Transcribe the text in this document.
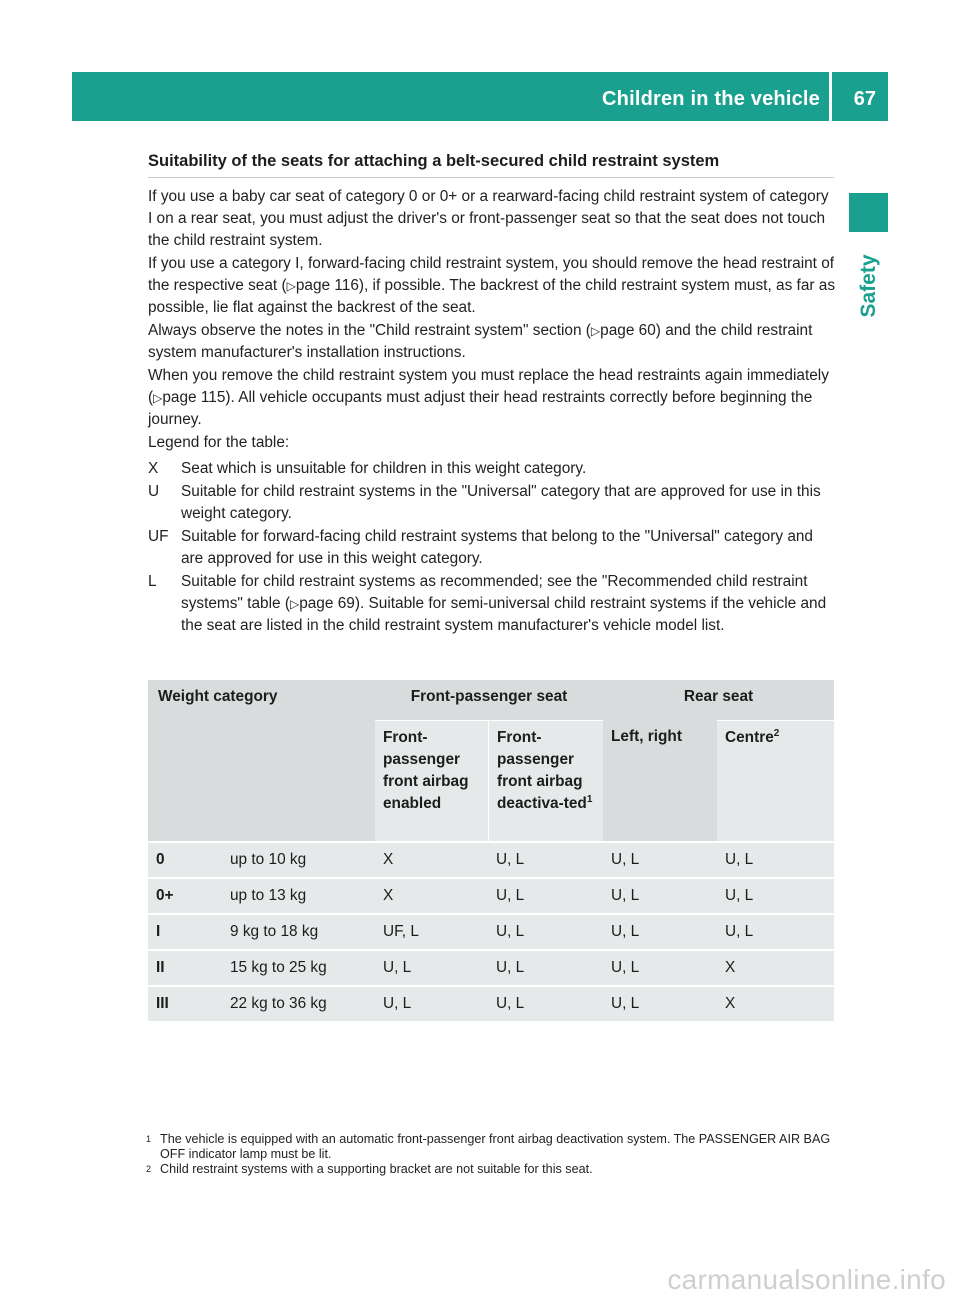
Children in the vehicle 67
Safety
Suitability of the seats for attaching a belt-secured child restraint system

If you use a baby car seat of category 0 or 0+ or a rearward-facing child restraint system of category I on a rear seat, you must adjust the driver's or front-passenger seat so that the seat does not touch the child restraint system.

If you use a category I, forward-facing child restraint system, you should remove the head restraint of the respective seat (▷page 116), if possible. The backrest of the child restraint system must, as far as possible, lie flat against the backrest of the seat.

Always observe the notes in the "Child restraint system" section (▷page 60) and the child restraint system manufacturer's installation instructions.

When you remove the child restraint system you must replace the head restraints again immediately (▷page 115). All vehicle occupants must adjust their head restraints correctly before beginning the journey.

Legend for the table:

X	Seat which is unsuitable for children in this weight category.
U	Suitable for child restraint systems in the "Universal" category that are approved for use in this weight category.
UF Suitable for forward-facing child restraint systems that belong to the "Universal" category and are approved for use in this weight category.
L	Suitable for child restraint systems as recommended; see the "Recommended child restraint systems" table (▷page 69). Suitable for semi-universal child restraint systems if the vehicle and the seat are listed in the child restraint system manufacturer's vehicle model list.
Weight category		Front-passenger seat		Rear seat	
		Front-passenger front airbag enabled	Front-passenger front airbag deactiva-ted$^1$	Left, right	Centre$^2$
0	up to 10 kg	X	U, L	U, L	U, L
0+	up to 13 kg	X	U, L	U, L	U, L
I	9 kg to 18 kg	UF, L	U, L	U, L	U, L
II	15 kg to 25 kg	U, L	U, L	U, L	X
III	22 kg to 36 kg	U, L	U, L	U, L	X
1 The vehicle is equipped with an automatic front-passenger front airbag deactivation system. The PASSENGER AIR BAG OFF indicator lamp must be lit.
2 Child restraint systems with a supporting bracket are not suitable for this seat.
carmanualsonline.info
